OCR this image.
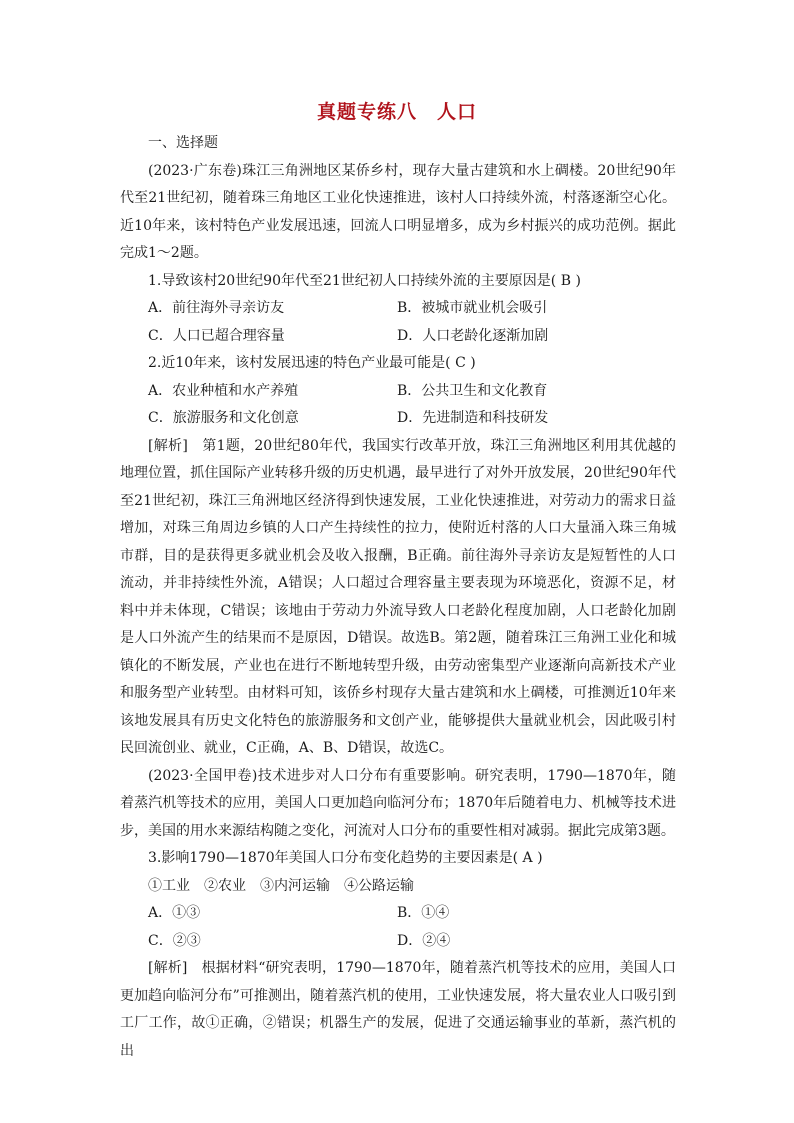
真题专练八　人口

一、选择题

(2023·广东卷)珠江三角洲地区某侨乡村，现存大量古建筑和水上碉楼。20世纪90年代至21世纪初，随着珠三角地区工业化快速推进，该村人口持续外流，村落逐渐空心化。近10年来，该村特色产业发展迅速，回流人口明显增多，成为乡村振兴的成功范例。据此完成1～2题。

1.导致该村20世纪90年代至21世纪初人口持续外流的主要原因是( B )

A．前往海外寻亲访友	B．被城市就业机会吸引
C．人口已超合理容量	D．人口老龄化逐渐加剧

2.近10年来，该村发展迅速的特色产业最可能是( C )

A．农业种植和水产养殖	B．公共卫生和文化教育
C．旅游服务和文化创意	D．先进制造和科技研发

[解析]　第1题，20世纪80年代，我国实行改革开放，珠江三角洲地区利用其优越的地理位置，抓住国际产业转移升级的历史机遇，最早进行了对外开放发展，20世纪90年代至21世纪初，珠江三角洲地区经济得到快速发展，工业化快速推进，对劳动力的需求日益增加，对珠三角周边乡镇的人口产生持续性的拉力，使附近村落的人口大量涌入珠三角城市群，目的是获得更多就业机会及收入报酬，B正确。前往海外寻亲访友是短暂性的人口流动，并非持续性外流，A错误；人口超过合理容量主要表现为环境恶化，资源不足，材料中并未体现，C错误；该地由于劳动力外流导致人口老龄化程度加剧，人口老龄化加剧是人口外流产生的结果而不是原因，D错误。故选B。第2题，随着珠江三角洲工业化和城镇化的不断发展，产业也在进行不断地转型升级，由劳动密集型产业逐渐向高新技术产业和服务型产业转型。由材料可知，该侨乡村现存大量古建筑和水上碉楼，可推测近10年来该地发展具有历史文化特色的旅游服务和文创产业，能够提供大量就业机会，因此吸引村民回流创业、就业，C正确，A、B、D错误，故选C。

(2023·全国甲卷)技术进步对人口分布有重要影响。研究表明，1790—1870年，随着蒸汽机等技术的应用，美国人口更加趋向临河分布；1870年后随着电力、机械等技术进步，美国的用水来源结构随之变化，河流对人口分布的重要性相对减弱。据此完成第3题。

3.影响1790—1870年美国人口分布变化趋势的主要因素是( A )

①工业　②农业　③内河运输　④公路运输

A．①③	B．①④
C．②③	D．②④

[解析]　根据材料“研究表明，1790—1870年，随着蒸汽机等技术的应用，美国人口更加趋向临河分布”可推测出，随着蒸汽机的使用，工业快速发展，将大量农业人口吸引到工厂工作，故①正确，②错误；机器生产的发展，促进了交通运输事业的革新，蒸汽机的出
